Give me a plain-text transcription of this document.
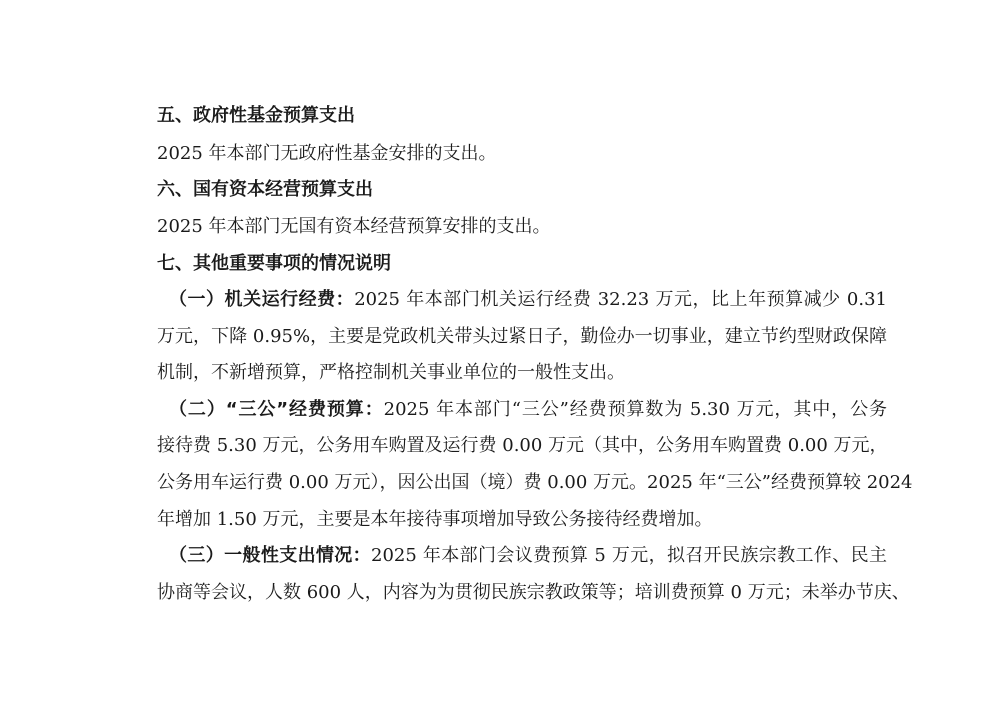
五、政府性基金预算支出
2025 年本部门无政府性基金安排的支出。
六、国有资本经营预算支出
2025 年本部门无国有资本经营预算安排的支出。
七、其他重要事项的情况说明
（一）机关运行经费：2025 年本部门机关运行经费 32.23 万元，比上年预算减少 0.31
万元，下降 0.95%，主要是党政机关带头过紧日子，勤俭办一切事业，建立节约型财政保障
机制，不新增预算，严格控制机关事业单位的一般性支出。
（二）“三公”经费预算：2025 年本部门“三公”经费预算数为 5.30 万元，其中，公务
接待费 5.30 万元，公务用车购置及运行费 0.00 万元（其中，公务用车购置费 0.00 万元，
公务用车运行费 0.00 万元），因公出国（境）费 0.00 万元。2025 年“三公”经费预算较 2024
年增加 1.50 万元，主要是本年接待事项增加导致公务接待经费增加。
（三）一般性支出情况：2025 年本部门会议费预算 5 万元，拟召开民族宗教工作、民主
协商等会议，人数 600 人，内容为为贯彻民族宗教政策等；培训费预算 0 万元；未举办节庆、
